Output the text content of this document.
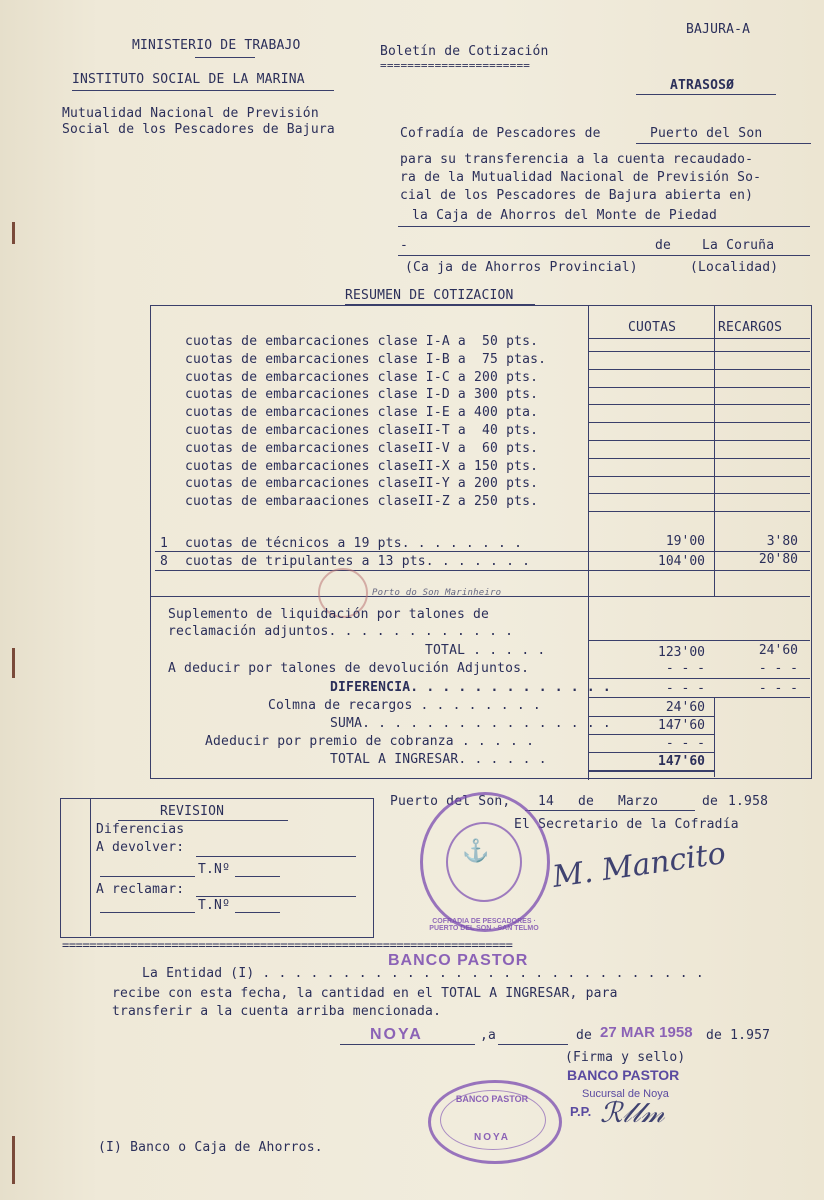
BAJURA-A
MINISTERIO DE TRABAJO
INSTITUTO SOCIAL DE LA MARINA
Mutualidad Nacional de Previsión
Social de los Pescadores de Bajura
Boletín de Cotización
======================
ATRASOSØ
Cofradía de Pescadores de	Puerto del Son
para su transferencia a la cuenta recaudado-
ra de la Mutualidad Nacional de Previsión So-
cial de los Pescadores de Bajura abierta en)
la Caja de Ahorros del Monte de Piedad
-	de La Coruña
(Ca ja de Ahorros Provincial)	(Localidad)
RESUMEN DE COTIZACION
CUOTAS	RECARGOS
cuotas de embarcaciones clase I-A a  50 pts.
cuotas de embarcaciones clase I-B a  75 ptas.
cuotas de embarcaciones clase I-C a 200 pts.
cuotas de embarcaciones clase I-D a 300 pts.
cuotas de embarcaciones clase I-E a 400 pta.
cuotas de embarcaciones claseII-T a  40 pts.
cuotas de embarcaciones claseII-V a  60 pts.
cuotas de embarcaciones claseII-X a 150 pts.
cuotas de embarcaciones claseII-Y a 200 pts.
cuotas de embaraaciones claseII-Z a 250 pts.
1 cuotas de técnicos a 19 pts. . . . . . . .	19'00	3'80
8 cuotas de tripulantes a 13 pts. . . . . . .	104'00	20'80
Porto do Son Marinheiro
Suplemento de liquidación por talones de
reclamación adjuntos. . . . . . . . . . . .
TOTAL . . . . .	123'00	24'60
A deducir por talones de devolución Adjuntos.	- - -	- - -
DIFERENCIA. . . . . . . . . . . . .	- - -	- - -
Colmna de recargos . . . . . . . .	24'60
SUMA. . . . . . . . . . . . . . . .	147'60
Adeducir por premio de cobranza . . . . .	- - -
TOTAL A INGRESAR. . . . . .	147'60
REVISION
Diferencias
A devolver:
T.Nº
A reclamar:
T.Nº
Puerto del Son, 14 de Marzo	de 1.958
El Secretario de la Cofradía
⚓
COFRADIA DE PESCADORES · PUERTO DEL SON · SAN TELMO
M. Mancito
==================================================================
BANCO PASTOR
La Entidad (I) . . . . . . . . . . . . . . . . . . . . . . . . . . . .
recibe con esta fecha, la cantidad en el TOTAL A INGRESAR, para
transferir a la cuenta arriba mencionada.
NOYA	,a	de 27 MAR 1958 de 1.957
(Firma y sello)
BANCO PASTOR
Sucursal de Noya
P.P. ℛ𝓁𝓁𝓂
BANCO PASTOR
NOYA
(I) Banco o Caja de Ahorros.
